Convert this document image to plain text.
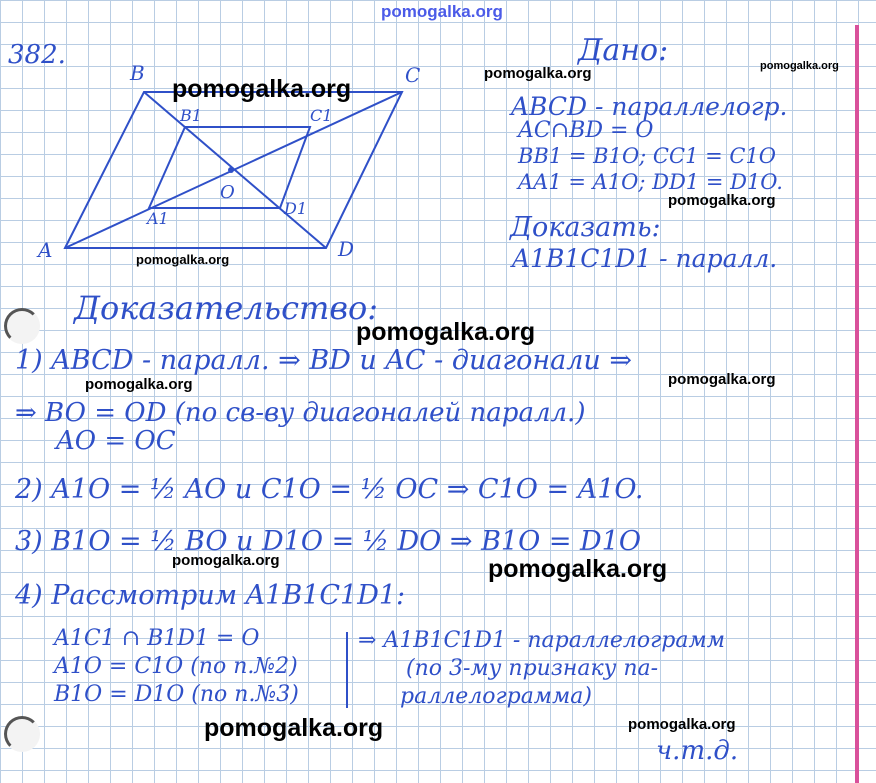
pomogalka.org
382.
A
B	C
D
A1
B1	C1
D1
O
Дано:
ABCD - параллелогр.
AC∩BD = O
BB1 = B1O; CC1 = C1O
AA1 = A1O; DD1 = D1O.
Доказать:
A1B1C1D1 - паралл.
Доказательство:
1) ABCD - паралл. ⇒ BD и AC - диагонали ⇒
⇒ BO = OD (по св-ву диагоналей паралл.)
AO = OC
2) A1O = ½ AO и C1O = ½ OC ⇒ C1O = A1O.
3) B1O = ½ BO и D1O = ½ DO ⇒ B1O = D1O
4) Рассмотрим A1B1C1D1:
A1C1 ∩ B1D1 = O
A1O = C1O (по п.№2)
B1O = D1O (по п.№3)
⇒ A1B1C1D1 - параллелограмм
(по 3-му признаку па-
раллелограмма)
ч.т.д.
pomogalka.org
pomogalka.org	pomogalka.org
pomogalka.org
pomogalka.org
pomogalka.org
pomogalka.org	pomogalka.org
pomogalka.org	pomogalka.org
pomogalka.org	pomogalka.org
